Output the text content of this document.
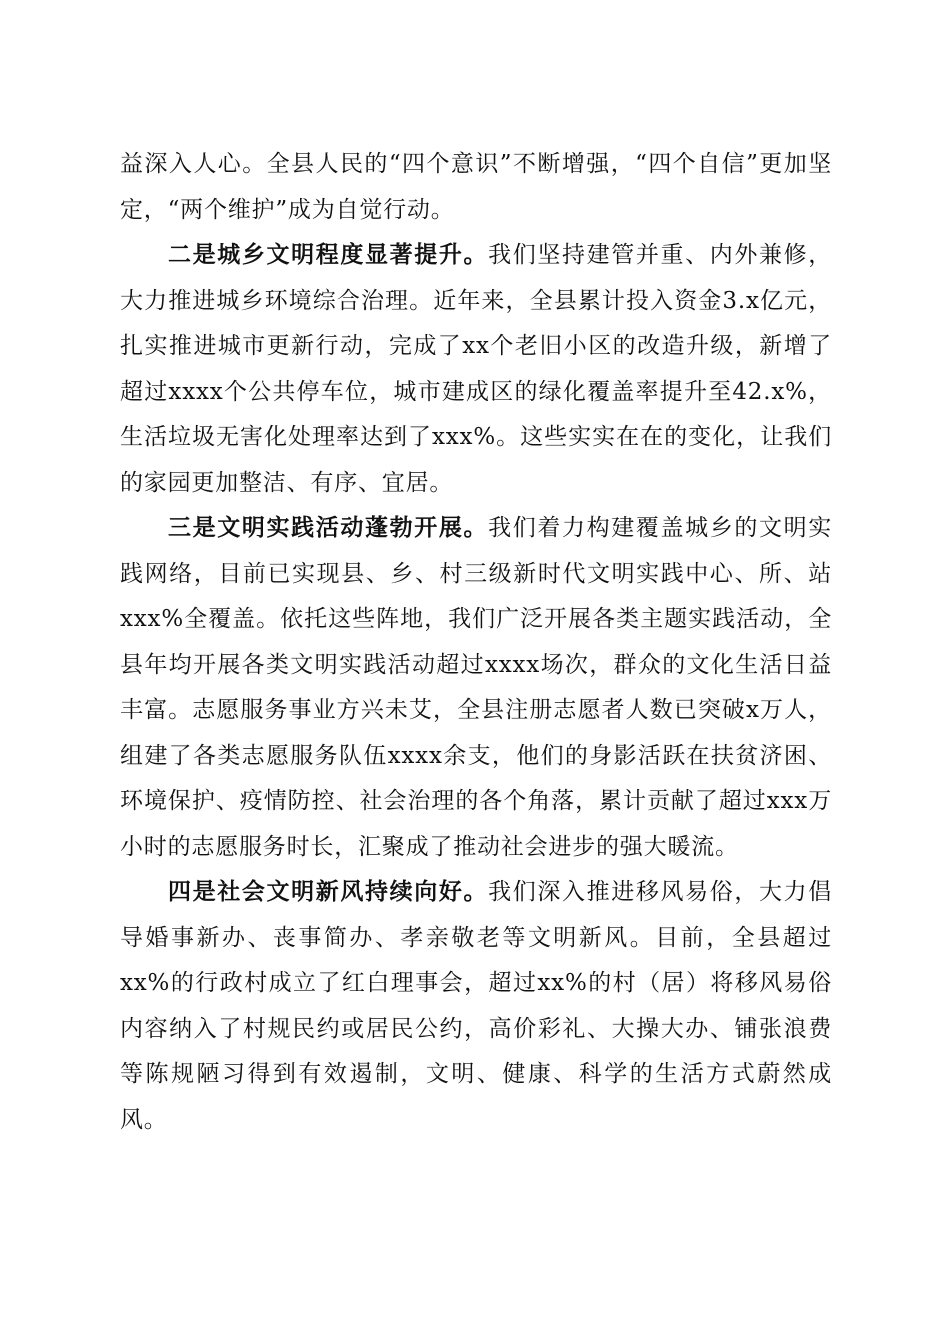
益深入人心。全县人民的“四个意识”不断增强，“四个自信”更加坚定，“两个维护”成为自觉行动。

二是城乡文明程度显著提升。我们坚持建管并重、内外兼修，大力推进城乡环境综合治理。近年来，全县累计投入资金3.x亿元，扎实推进城市更新行动，完成了xx个老旧小区的改造升级，新增了超过xxxx个公共停车位，城市建成区的绿化覆盖率提升至42.x%，生活垃圾无害化处理率达到了xxx%。这些实实在在的变化，让我们的家园更加整洁、有序、宜居。

三是文明实践活动蓬勃开展。我们着力构建覆盖城乡的文明实践网络，目前已实现县、乡、村三级新时代文明实践中心、所、站xxx%全覆盖。依托这些阵地，我们广泛开展各类主题实践活动，全县年均开展各类文明实践活动超过xxxx场次，群众的文化生活日益丰富。志愿服务事业方兴未艾，全县注册志愿者人数已突破x万人，组建了各类志愿服务队伍xxxx余支，他们的身影活跃在扶贫济困、环境保护、疫情防控、社会治理的各个角落，累计贡献了超过xxx万小时的志愿服务时长，汇聚成了推动社会进步的强大暖流。

四是社会文明新风持续向好。我们深入推进移风易俗，大力倡导婚事新办、丧事简办、孝亲敬老等文明新风。目前，全县超过xx%的行政村成立了红白理事会，超过xx%的村（居）将移风易俗内容纳入了村规民约或居民公约，高价彩礼、大操大办、铺张浪费等陈规陋习得到有效遏制，文明、健康、科学的生活方式蔚然成风。
